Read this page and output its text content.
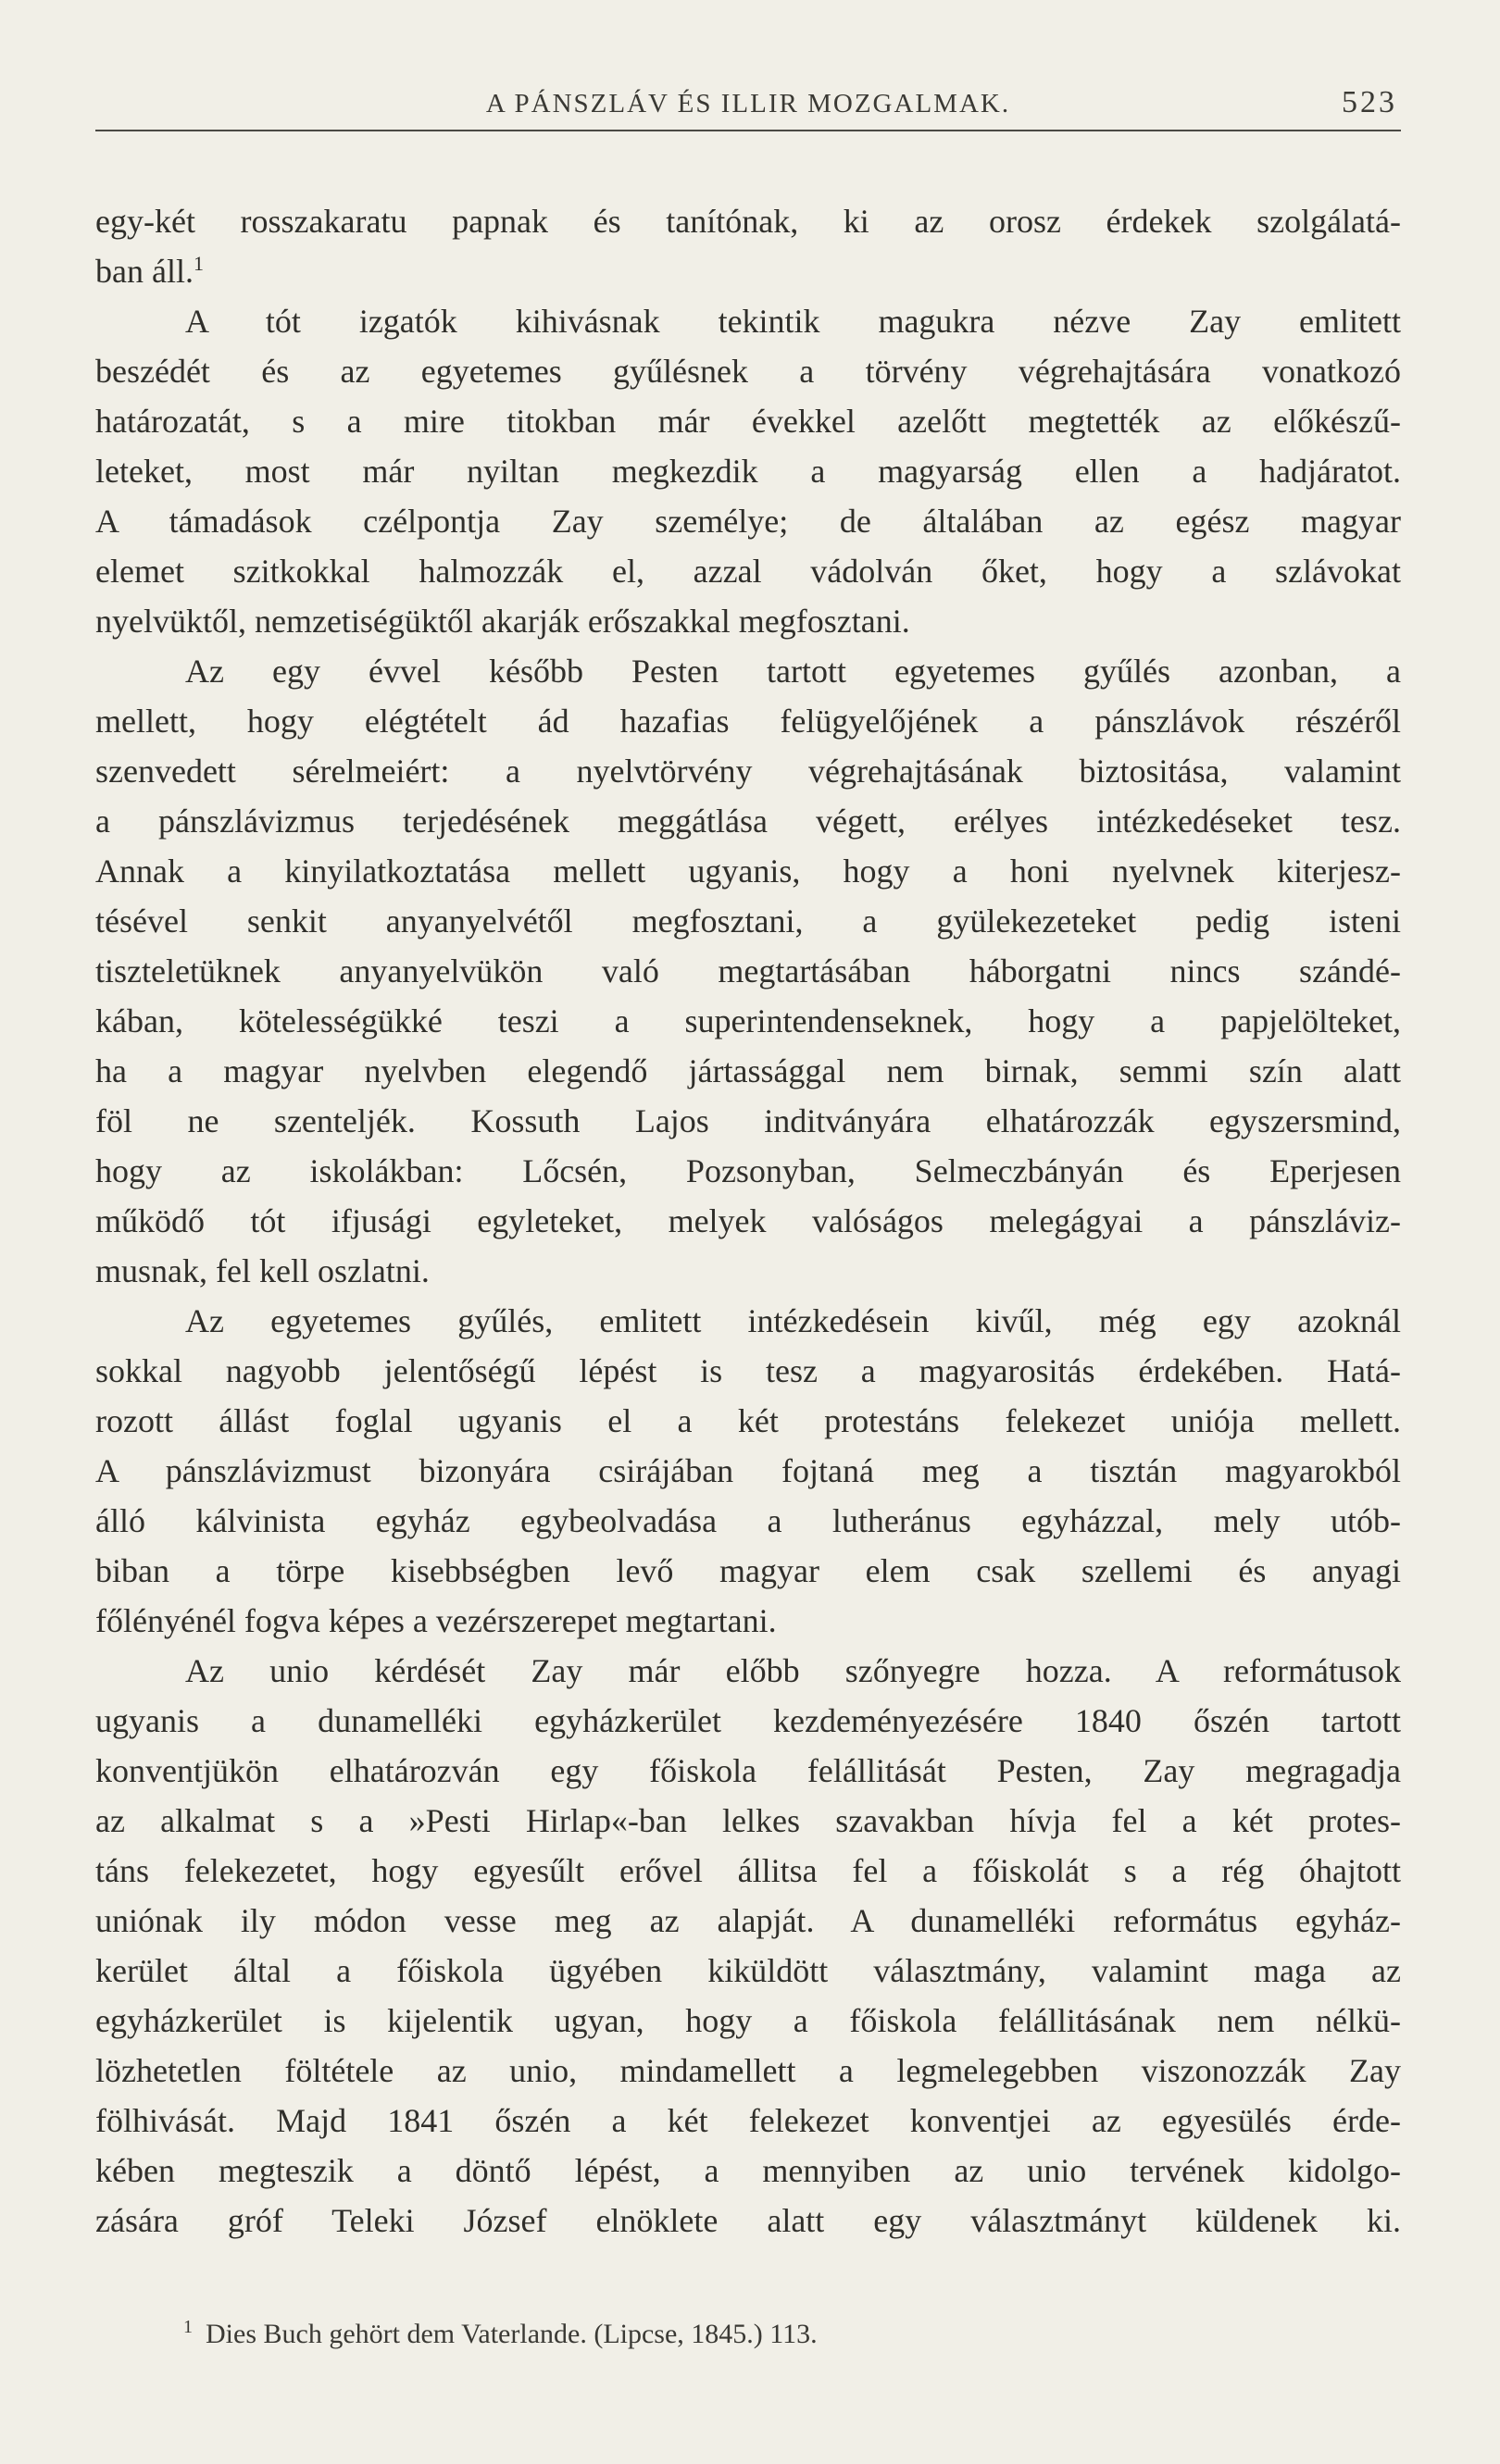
A PÁNSZLÁV ÉS ILLIR MOZGALMAK.	523
egy-két rosszakaratu papnak és tanítónak, ki az orosz érdekek szolgálatá-
ban áll.$^1$
A tót izgatók kihivásnak tekintik magukra nézve Zay emlitett
beszédét és az egyetemes gyűlésnek a törvény végrehajtására vonatkozó
határozatát, s a mire titokban már évekkel azelőtt megtették az előkészű-
leteket, most már nyiltan megkezdik a magyarság ellen a hadjáratot.
A támadások czélpontja Zay személye; de általában az egész magyar
elemet szitkokkal halmozzák el, azzal vádolván őket, hogy a szlávokat
nyelvüktől, nemzetiségüktől akarják erőszakkal megfosztani.
Az egy évvel később Pesten tartott egyetemes gyűlés azonban, a
mellett, hogy elégtételt ád hazafias felügyelőjének a pánszlávok részéről
szenvedett sérelmeiért: a nyelvtörvény végrehajtásának biztositása, valamint
a pánszlávizmus terjedésének meggátlása végett, erélyes intézkedéseket tesz.
Annak a kinyilatkoztatása mellett ugyanis, hogy a honi nyelvnek kiterjesz-
tésével senkit anyanyelvétől megfosztani, a gyülekezeteket pedig isteni
tiszteletüknek anyanyelvükön való megtartásában háborgatni nincs szándé-
kában, kötelességükké teszi a superintendenseknek, hogy a papjelölteket,
ha a magyar nyelvben elegendő jártassággal nem birnak, semmi szín alatt
föl ne szenteljék. Kossuth Lajos inditványára elhatározzák egyszersmind,
hogy az iskolákban: Lőcsén, Pozsonyban, Selmeczbányán és Eperjesen
működő tót ifjusági egyleteket, melyek valóságos melegágyai a pánszláviz-
musnak, fel kell oszlatni.
Az egyetemes gyűlés, emlitett intézkedésein kivűl, még egy azoknál
sokkal nagyobb jelentőségű lépést is tesz a magyarositás érdekében. Hatá-
rozott állást foglal ugyanis el a két protestáns felekezet uniója mellett.
A pánszlávizmust bizonyára csirájában fojtaná meg a tisztán magyarokból
álló kálvinista egyház egybeolvadása a lutheránus egyházzal, mely utób-
biban a törpe kisebbségben levő magyar elem csak szellemi és anyagi
főlényénél fogva képes a vezérszerepet megtartani.
Az unio kérdését Zay már előbb szőnyegre hozza. A reformátusok
ugyanis a dunamelléki egyházkerület kezdeményezésére 1840 őszén tartott
konventjükön elhatározván egy főiskola felállitását Pesten, Zay megragadja
az alkalmat s a »Pesti Hirlap«-ban lelkes szavakban hívja fel a két protes-
táns felekezetet, hogy egyesűlt erővel állitsa fel a főiskolát s a rég óhajtott
uniónak ily módon vesse meg az alapját. A dunamelléki református egyház-
kerület által a főiskola ügyében kiküldött választmány, valamint maga az
egyházkerület is kijelentik ugyan, hogy a főiskola felállitásának nem nélkü-
lözhetetlen föltétele az unio, mindamellett a legmelegebben viszonozzák Zay
fölhivását. Majd 1841 őszén a két felekezet konventjei az egyesülés érde-
kében megteszik a döntő lépést, a mennyiben az unio tervének kidolgo-
zására gróf Teleki József elnöklete alatt egy választmányt küldenek ki.
$^1$ Dies Buch gehört dem Vaterlande. (Lipcse, 1845.) 113.
